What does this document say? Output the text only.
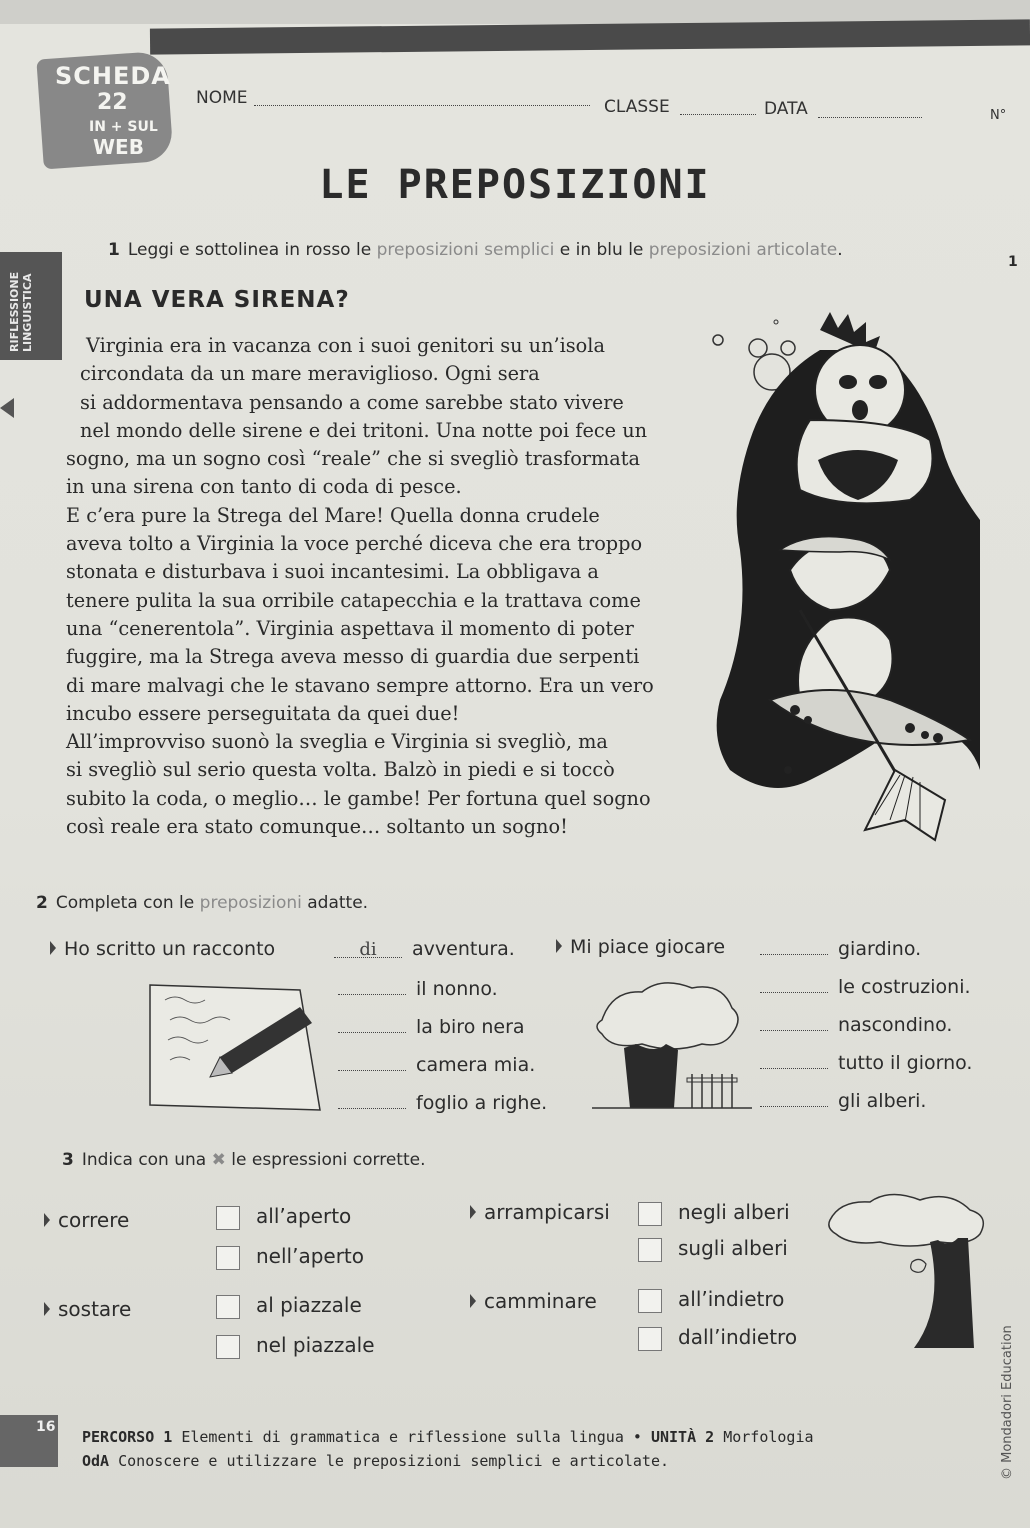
SCHEDA
22
IN + SUL
WEB
NOME	CLASSE	DATA	N°
LE PREPOSIZIONI
RIFLESSIONE
LINGUISTICA
1 Leggi e sottolinea in rosso le preposizioni semplici e in blu le preposizioni articolate.
1
UNA VERA SIRENA?
Virginia era in vacanza con i suoi genitori su un’isola
circondata da un mare meraviglioso. Ogni sera
si addormentava pensando a come sarebbe stato vivere
nel mondo delle sirene e dei tritoni. Una notte poi fece un
sogno, ma un sogno così “reale” che si svegliò trasformata
in una sirena con tanto di coda di pesce.
E c’era pure la Strega del Mare! Quella donna crudele
aveva tolto a Virginia la voce perché diceva che era troppo
stonata e disturbava i suoi incantesimi. La obbligava a
tenere pulita la sua orribile catapecchia e la trattava come
una “cenerentola”. Virginia aspettava il momento di poter
fuggire, ma la Strega aveva messo di guardia due serpenti
di mare malvagi che le stavano sempre attorno. Era un vero
incubo essere perseguitata da quei due!
All’improvviso suonò la sveglia e Virginia si svegliò, ma
si svegliò sul serio questa volta. Balzò in piedi e si toccò
subito la coda, o meglio… le gambe! Per fortuna quel sogno
così reale era stato comunque… soltanto un sogno!
2 Completa con le preposizioni adatte.
Ho scritto un racconto	di avventura.
il nonno.
la biro nera
camera mia.
foglio a righe.
Mi piace giocare	giardino.
le costruzioni.
nascondino.
tutto il giorno.
gli alberi.
3 Indica con una ✖ le espressioni corrette.
correre	all’aperto
nell’aperto
sostare	al piazzale
nel piazzale
arrampicarsi	negli alberi
sugli alberi
camminare	all’indietro
dall’indietro
16
PERCORSO 1 Elementi di grammatica e riflessione sulla lingua • UNITÀ 2 Morfologia
OdA Conoscere e utilizzare le preposizioni semplici e articolate.	© Mondadori Education
